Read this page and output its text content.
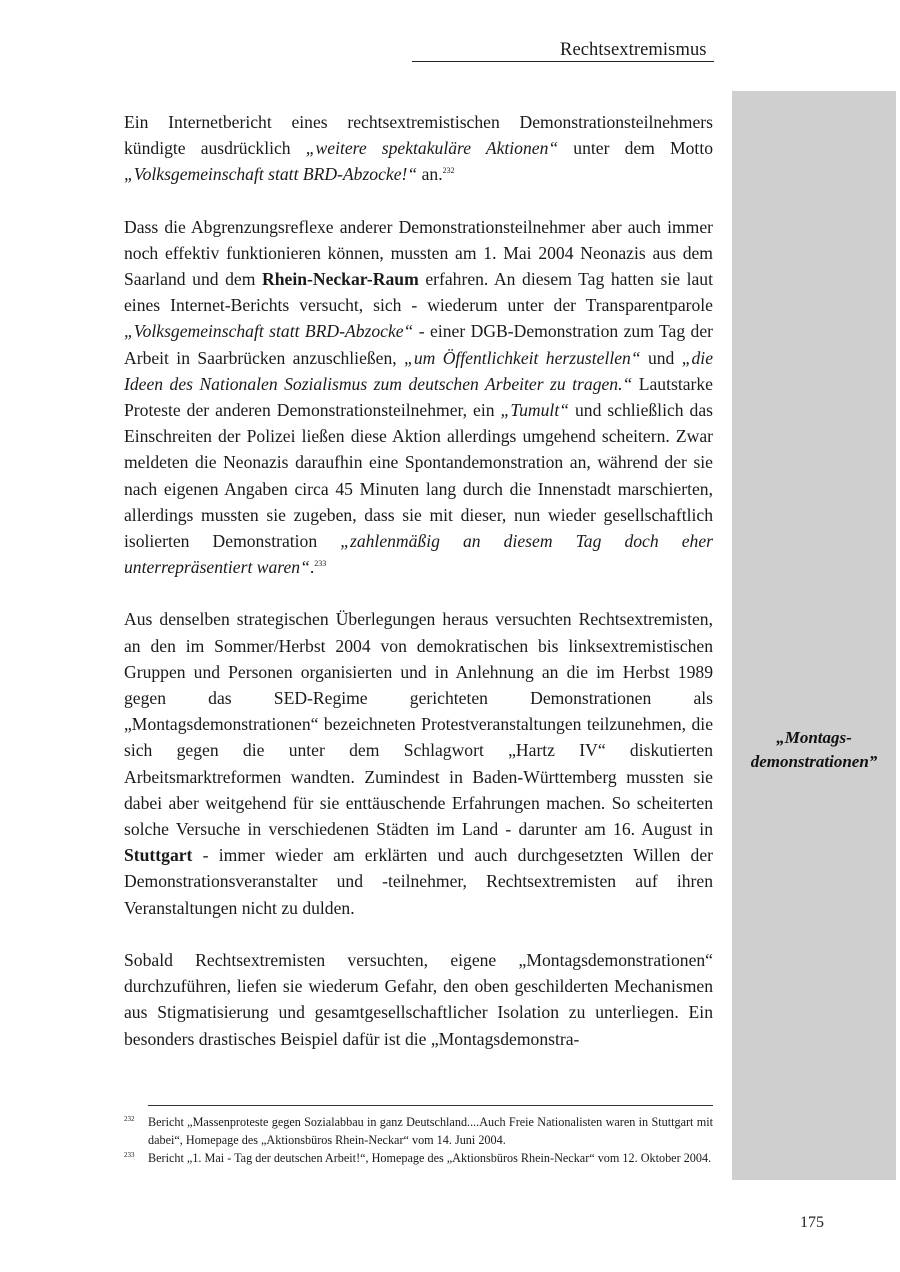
Rechtsextremismus
„Montags-
demonstrationen”

Ein Internetbericht eines rechtsextremistischen Demonstrationsteilnehmers kündigte ausdrücklich „weitere spektakuläre Aktionen“ unter dem Motto „Volksgemeinschaft statt BRD-Abzocke!“ an.$^{232}$

Dass die Abgrenzungsreflexe anderer Demonstrationsteilnehmer aber auch immer noch effektiv funktionieren können, mussten am 1. Mai 2004 Neonazis aus dem Saarland und dem Rhein-Neckar-Raum erfahren. An diesem Tag hatten sie laut eines Internet-Berichts versucht, sich - wiederum unter der Transparentparole „Volksgemeinschaft statt BRD-Abzocke“ - einer DGB-Demonstration zum Tag der Arbeit in Saarbrücken anzuschließen, „um Öffentlichkeit herzustellen“ und „die Ideen des Nationalen Sozialismus zum deutschen Arbeiter zu tragen.“ Lautstarke Proteste der anderen Demonstrationsteilnehmer, ein „Tumult“ und schließlich das Einschreiten der Polizei ließen diese Aktion allerdings umgehend scheitern. Zwar meldeten die Neonazis daraufhin eine Spontandemonstration an, während der sie nach eigenen Angaben circa 45 Minuten lang durch die Innenstadt marschierten, allerdings mussten sie zugeben, dass sie mit dieser, nun wieder gesellschaftlich isolierten Demonstration „zahlenmäßig an diesem Tag doch eher unterrepräsentiert waren“.$^{233}$

Aus denselben strategischen Überlegungen heraus versuchten Rechtsextremisten, an den im Sommer/Herbst 2004 von demokratischen bis linksextremistischen Gruppen und Personen organisierten und in Anlehnung an die im Herbst 1989 gegen das SED-Regime gerichteten Demonstrationen als „Montagsdemonstrationen“ bezeichneten Protestveranstaltungen teilzunehmen, die sich gegen die unter dem Schlagwort „Hartz IV“ diskutierten Arbeitsmarktreformen wandten. Zumindest in Baden-Württemberg mussten sie dabei aber weitgehend für sie enttäuschende Erfahrungen machen. So scheiterten solche Versuche in verschiedenen Städten im Land - darunter am 16. August in Stuttgart - immer wieder am erklärten und auch durchgesetzten Willen der Demonstrationsveranstalter und -teilnehmer, Rechtsextremisten auf ihren Veranstaltungen nicht zu dulden.

Sobald Rechtsextremisten versuchten, eigene „Montagsdemonstrationen“ durchzuführen, liefen sie wiederum Gefahr, den oben geschilderten Mechanismen aus Stigmatisierung und gesamtgesellschaftlicher Isolation zu unterliegen. Ein besonders drastisches Beispiel dafür ist die „Montagsdemonstra-

232 Bericht „Massenproteste gegen Sozialabbau in ganz Deutschland....Auch Freie Nationalisten waren in Stuttgart mit dabei“, Homepage des „Aktionsbüros Rhein-Neckar“ vom 14. Juni 2004.
233 Bericht „1. Mai - Tag der deutschen Arbeit!“, Homepage des „Aktionsbüros Rhein-Neckar“ vom 12. Oktober 2004.
175
